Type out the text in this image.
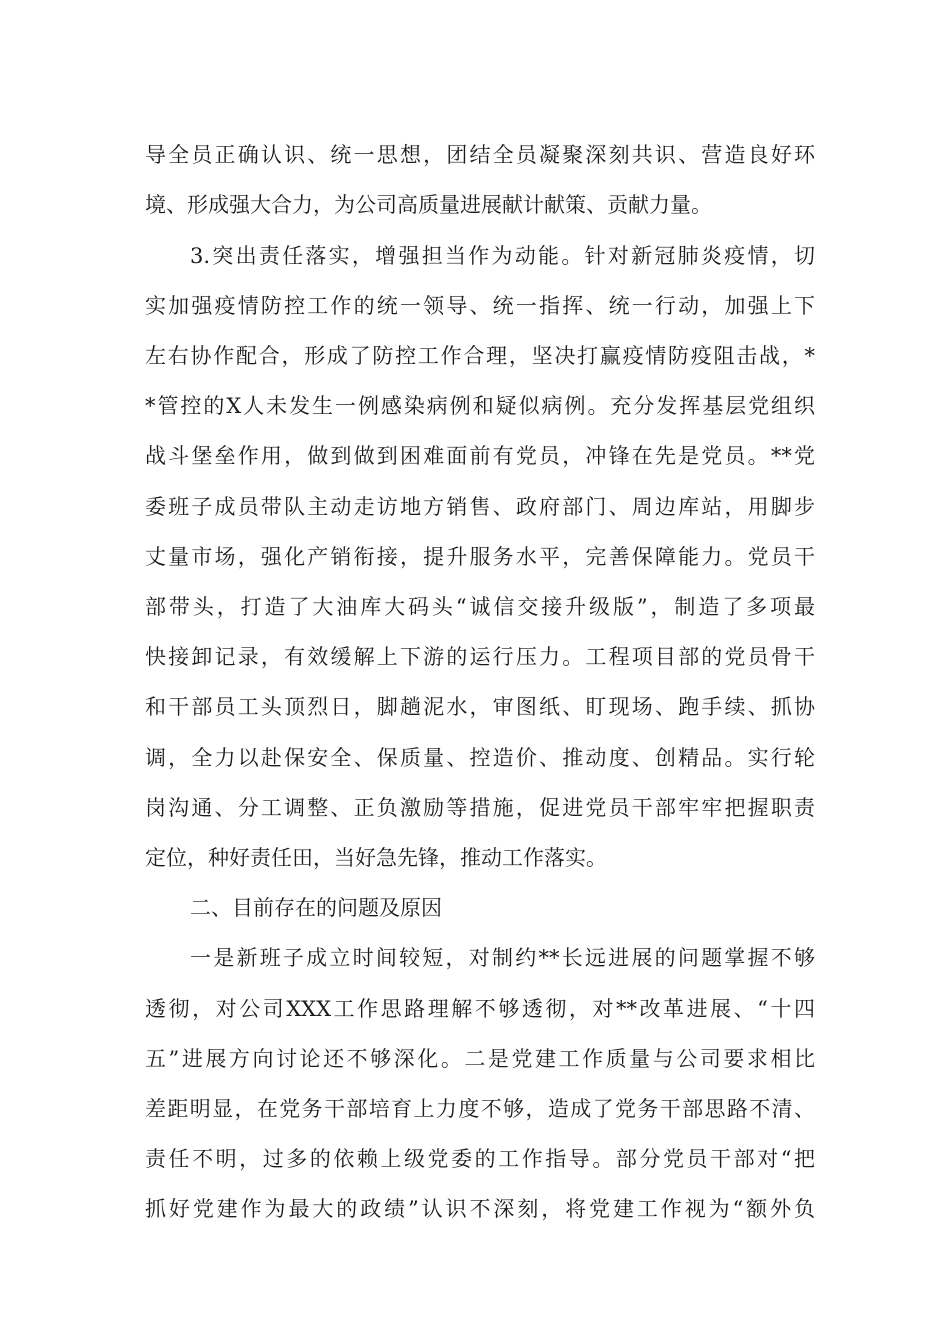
导全员正确认识、统一思想，团结全员凝聚深刻共识、营造良好环
境、形成强大合力，为公司高质量进展献计献策、贡献力量。
3.突出责任落实，增强担当作为动能。针对新冠肺炎疫情，切
实加强疫情防控工作的统一领导、统一指挥、统一行动，加强上下
左右协作配合，形成了防控工作合理，坚决打赢疫情防疫阻击战，*
*管控的X人未发生一例感染病例和疑似病例。充分发挥基层党组织
战斗堡垒作用，做到做到困难面前有党员，冲锋在先是党员。**党
委班子成员带队主动走访地方销售、政府部门、周边库站，用脚步
丈量市场，强化产销衔接，提升服务水平，完善保障能力。党员干
部带头，打造了大油库大码头“诚信交接升级版”，制造了多项最
快接卸记录，有效缓解上下游的运行压力。工程项目部的党员骨干
和干部员工头顶烈日，脚趟泥水，审图纸、盯现场、跑手续、抓协
调，全力以赴保安全、保质量、控造价、推动度、创精品。实行轮
岗沟通、分工调整、正负激励等措施，促进党员干部牢牢把握职责
定位，种好责任田，当好急先锋，推动工作落实。
二、目前存在的问题及原因
一是新班子成立时间较短，对制约**长远进展的问题掌握不够
透彻，对公司XXX工作思路理解不够透彻，对**改革进展、“十四
五”进展方向讨论还不够深化。二是党建工作质量与公司要求相比
差距明显，在党务干部培育上力度不够，造成了党务干部思路不清、
责任不明，过多的依赖上级党委的工作指导。部分党员干部对“把
抓好党建作为最大的政绩”认识不深刻，将党建工作视为“额外负
